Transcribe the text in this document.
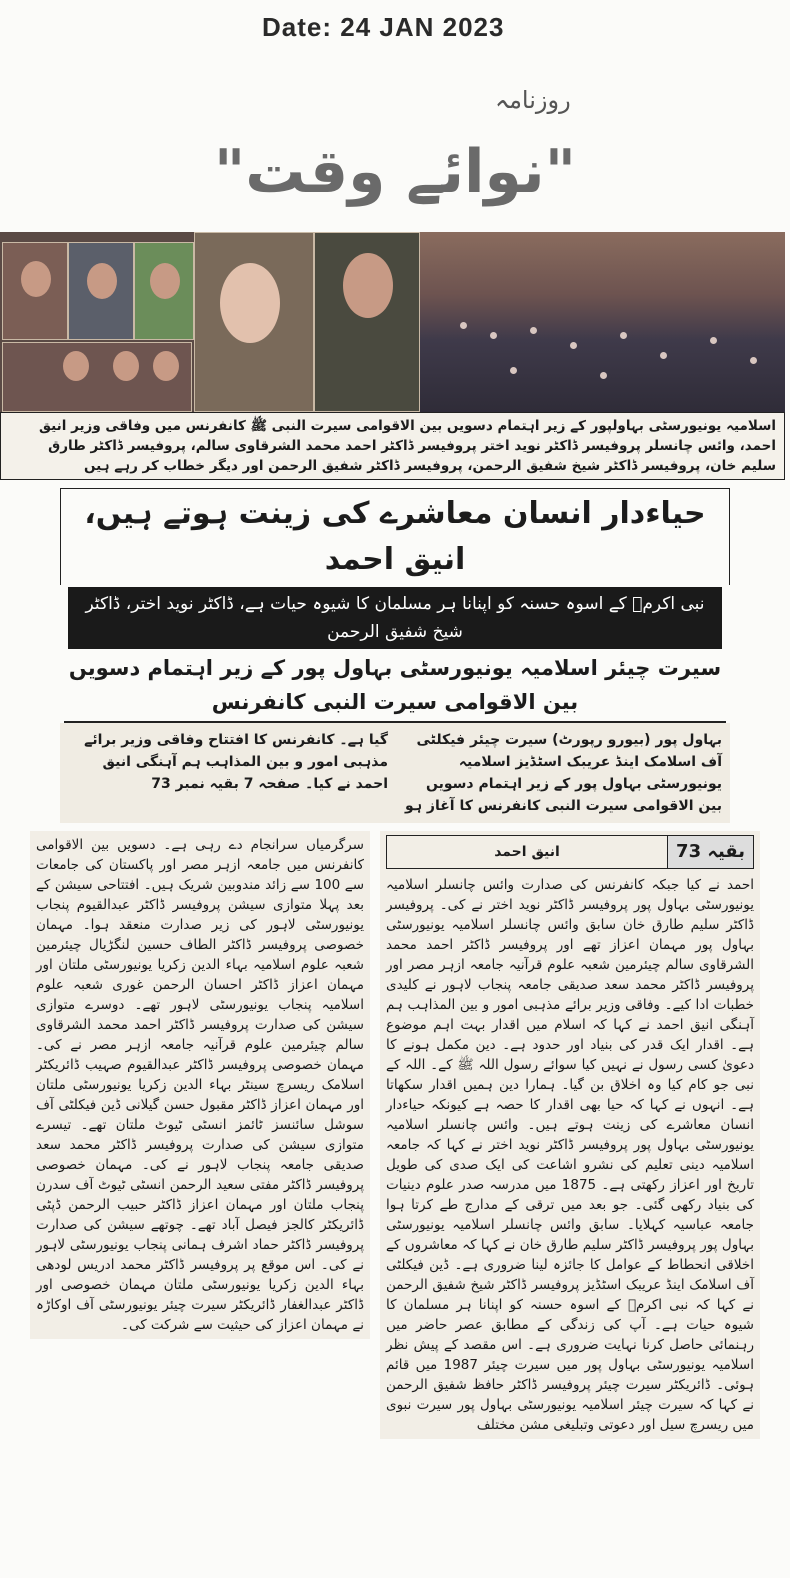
Date: 24 JAN 2023
روزنامہ
"نوائے وقت"
اسلامیہ یونیورسٹی بہاولپور کے زیر اہتمام دسویں بین الاقوامی سیرت النبی ﷺ کانفرنس میں وفاقی وزیر انیق احمد، وائس چانسلر پروفیسر ڈاکٹر نوید اختر پروفیسر ڈاکٹر احمد محمد الشرقاوی سالم، پروفیسر ڈاکٹر طارق سلیم خان، پروفیسر ڈاکٹر شیخ شفیق الرحمن، پروفیسر ڈاکٹر شفیق الرحمن اور دیگر خطاب کر رہے ہیں
حیاءدار انسان معاشرے کی زینت ہوتے ہیں، انیق احمد
نبی اکرمؐ کے اسوہ حسنہ کو اپنانا ہر مسلمان کا شیوہ حیات ہے، ڈاکٹر نوید اختر، ڈاکٹر شیخ شفیق الرحمن
سیرت چیئر اسلامیہ یونیورسٹی بہاول پور کے زیر اہتمام دسویں بین الاقوامی سیرت النبی کانفرنس
بہاول پور (بیورو رپورٹ) سیرت چیئر فیکلٹی آف اسلامک اینڈ عریبک اسٹڈیز اسلامیہ یونیورسٹی بہاول پور کے زیر اہتمام دسویں بین الاقوامی سیرت النبی کانفرنس کا آغاز ہو گیا ہے۔ کانفرنس کا افتتاح وفاقی وزیر برائے مذہبی امور و بین المذاہب ہم آہنگی انیق احمد نے کیا۔ صفحہ 7 بقیہ نمبر 73
سرگرمیاں سرانجام دے رہی ہے۔ دسویں بین الاقوامی کانفرنس میں جامعہ ازہر مصر اور پاکستان کی جامعات سے 100 سے زائد مندوبین شریک ہیں۔ افتتاحی سیشن کے بعد پہلا متوازی سیشن پروفیسر ڈاکٹر عبدالقیوم پنجاب یونیورسٹی لاہور کی زیر صدارت منعقد ہوا۔ مہمان خصوصی پروفیسر ڈاکٹر الطاف حسین لنگڑیال چیئرمین شعبہ علوم اسلامیہ بہاء الدین زکریا یونیورسٹی ملتان اور مہمان اعزاز ڈاکٹر احسان الرحمن غوری شعبہ علوم اسلامیہ پنجاب یونیورسٹی لاہور تھے۔ دوسرے متوازی سیشن کی صدارت پروفیسر ڈاکٹر احمد محمد الشرقاوی سالم چیئرمین علوم قرآنیہ جامعہ ازہر مصر نے کی۔ مہمان خصوصی پروفیسر ڈاکٹر عبدالقیوم صہیب ڈائریکٹر اسلامک ریسرچ سینٹر بہاء الدین زکریا یونیورسٹی ملتان اور مہمان اعزاز ڈاکٹر مقبول حسن گیلانی ڈین فیکلٹی آف سوشل سائنسز ٹائمز انسٹی ٹیوٹ ملتان تھے۔ تیسرے متوازی سیشن کی صدارت پروفیسر ڈاکٹر محمد سعد صدیقی جامعہ پنجاب لاہور نے کی۔ مہمان خصوصی پروفیسر ڈاکٹر مفتی سعید الرحمن انسٹی ٹیوٹ آف سدرن پنجاب ملتان اور مہمان اعزاز ڈاکٹر حبیب الرحمن ڈپٹی ڈائریکٹر کالجز فیصل آباد تھے۔ چوتھے سیشن کی صدارت پروفیسر ڈاکٹر حماد اشرف ہمانی پنجاب یونیورسٹی لاہور نے کی۔ اس موقع پر پروفیسر ڈاکٹر محمد ادریس لودھی بہاء الدین زکریا یونیورسٹی ملتان مہمان خصوصی اور ڈاکٹر عبدالغفار ڈائریکٹر سیرت چیئر یونیورسٹی آف اوکاڑہ نے مہمان اعزاز کی حیثیت سے شرکت کی۔
بقیہ 73
انیق احمد
احمد نے کیا جبکہ کانفرنس کی صدارت وائس چانسلر اسلامیہ یونیورسٹی بہاول پور پروفیسر ڈاکٹر نوید اختر نے کی۔ پروفیسر ڈاکٹر سلیم طارق خان سابق وائس چانسلر اسلامیہ یونیورسٹی بہاول پور مہمان اعزاز تھے اور پروفیسر ڈاکٹر احمد محمد الشرقاوی سالم چیئرمین شعبہ علوم قرآنیہ جامعہ ازہر مصر اور پروفیسر ڈاکٹر محمد سعد صدیقی جامعہ پنجاب لاہور نے کلیدی خطبات ادا کیے۔ وفاقی وزیر برائے مذہبی امور و بین المذاہب ہم آہنگی انیق احمد نے کہا کہ اسلام میں اقدار بہت اہم موضوع ہے۔ اقدار ایک قدر کی بنیاد اور حدود ہے۔ دین مکمل ہونے کا دعویٰ کسی رسول نے نہیں کیا سوائے رسول اللہ ﷺ کے۔ اللہ کے نبی جو کام کیا وہ اخلاق بن گیا۔ ہمارا دین ہمیں اقدار سکھاتا ہے۔ انہوں نے کہا کہ حیا بھی اقدار کا حصہ ہے کیونکہ حیاءدار انسان معاشرے کی زینت ہوتے ہیں۔ وائس چانسلر اسلامیہ یونیورسٹی بہاول پور پروفیسر ڈاکٹر نوید اختر نے کہا کہ جامعہ اسلامیہ دینی تعلیم کی نشرو اشاعت کی ایک صدی کی طویل تاریخ اور اعزاز رکھتی ہے۔ 1875 میں مدرسہ صدر علوم دینیات کی بنیاد رکھی گئی۔ جو بعد میں ترقی کے مدارج طے کرتا ہوا جامعہ عباسیہ کہلایا۔ سابق وائس چانسلر اسلامیہ یونیورسٹی بہاول پور پروفیسر ڈاکٹر سلیم طارق خان نے کہا کہ معاشروں کے اخلاقی انحطاط کے عوامل کا جائزہ لینا ضروری ہے۔ ڈین فیکلٹی آف اسلامک اینڈ عریبک اسٹڈیز پروفیسر ڈاکٹر شیخ شفیق الرحمن نے کہا کہ نبی اکرمؐ کے اسوہ حسنہ کو اپنانا ہر مسلمان کا شیوہ حیات ہے۔ آپ کی زندگی کے مطابق عصر حاضر میں رہنمائی حاصل کرنا نہایت ضروری ہے۔ اس مقصد کے پیش نظر اسلامیہ یونیورسٹی بہاول پور میں سیرت چیئر 1987 میں قائم ہوئی۔ ڈائریکٹر سیرت چیئر پروفیسر ڈاکٹر حافظ شفیق الرحمن نے کہا کہ سیرت چیئر اسلامیہ یونیورسٹی بہاول پور سیرت نبوی میں ریسرچ سیل اور دعوتی وتبلیغی مشن مختلف
